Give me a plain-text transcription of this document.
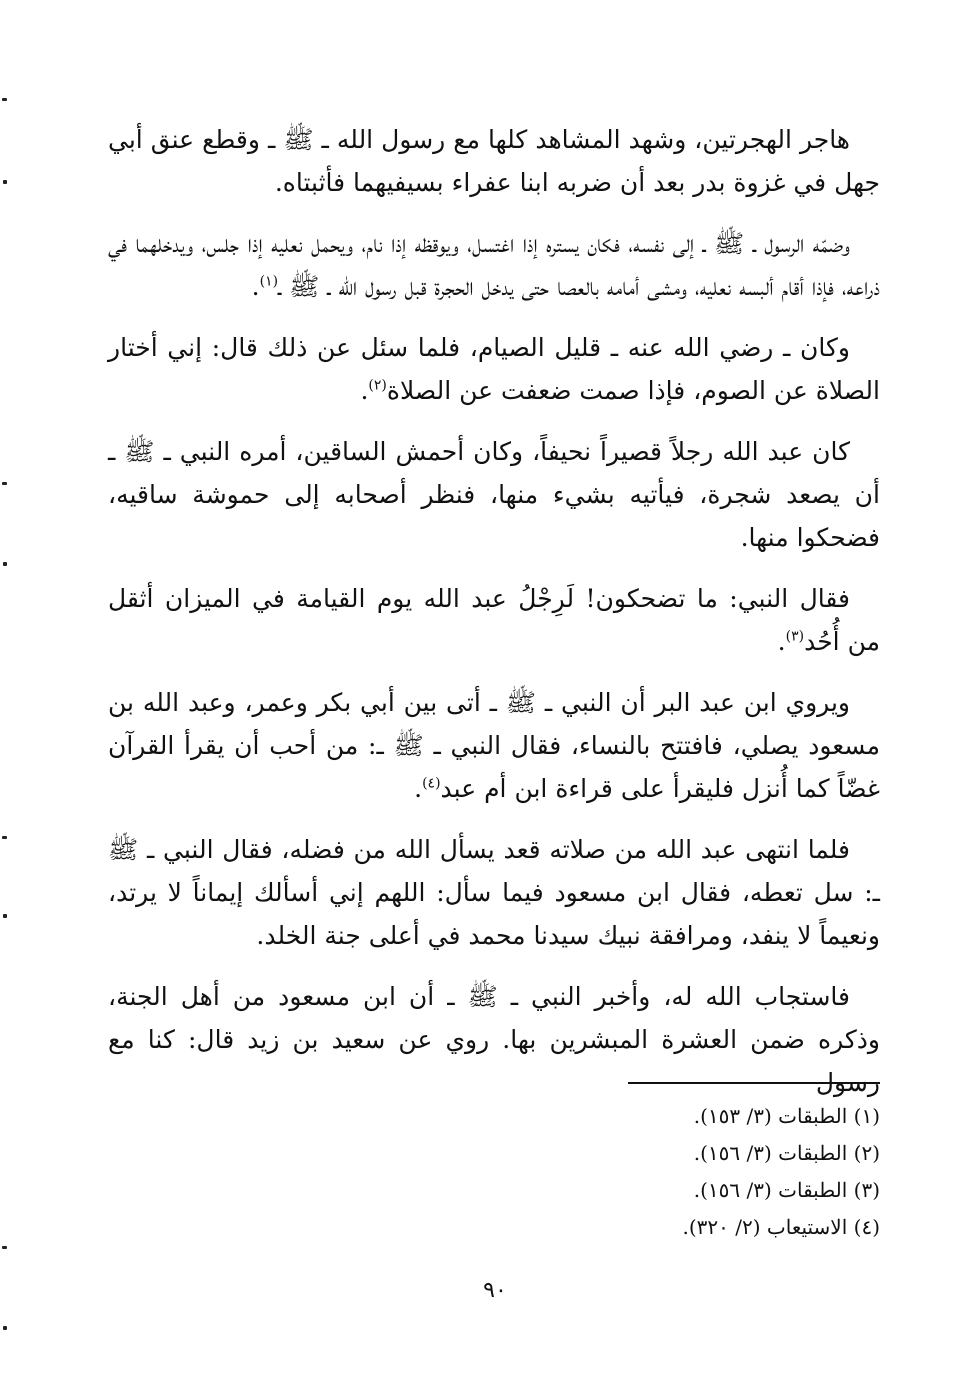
هاجر الهجرتين، وشهد المشاهد كلها مع رسول الله ـ ﷺ ـ وقطع عنق أبي جهل في غزوة بدر بعد أن ضربه ابنا عفراء بسيفيهما فأثبتاه.

وضمّه الرسول ـ ﷺ ـ إلى نفسه، فكان يستره إذا اغتسل، ويوقظه إذا نام، ويحمل نعليه إذا جلس، ويدخلهما في ذراعه، فإذا أقام ألبسه نعليه، ومشى أمامه بالعصا حتى يدخل الحجرة قبل رسول الله ـ ﷺ ـ$^{(١)}$.

وكان ـ رضي الله عنه ـ قليل الصيام، فلما سئل عن ذلك قال: إني أختار الصلاة عن الصوم، فإذا صمت ضعفت عن الصلاة$^{(٢)}$.

كان عبد الله رجلاً قصيراً نحيفاً، وكان أحمش الساقين، أمره النبي ـ ﷺ ـ أن يصعد شجرة، فيأتيه بشيء منها، فنظر أصحابه إلى حموشة ساقيه، فضحكوا منها.

فقال النبي: ما تضحكون! لَرِجْلُ عبد الله يوم القيامة في الميزان أثقل من أُحُد$^{(٣)}$.

ويروي ابن عبد البر أن النبي ـ ﷺ ـ أتى بين أبي بكر وعمر، وعبد الله بن مسعود يصلي، فافتتح بالنساء، فقال النبي ـ ﷺ ـ: من أحب أن يقرأ القرآن غضّاً كما أُنزل فليقرأ على قراءة ابن أم عبد$^{(٤)}$.

فلما انتهى عبد الله من صلاته قعد يسأل الله من فضله، فقال النبي ـ ﷺ ـ: سل تعطه، فقال ابن مسعود فيما سأل: اللهم إني أسألك إيماناً لا يرتد، ونعيماً لا ينفد، ومرافقة نبيك سيدنا محمد في أعلى جنة الخلد.

فاستجاب الله له، وأخبر النبي ـ ﷺ ـ أن ابن مسعود من أهل الجنة، وذكره ضمن العشرة المبشرين بها. روي عن سعيد بن زيد قال: كنا مع رسول

(١) الطبقات (٣/ ١٥٣).
(٢) الطبقات (٣/ ١٥٦).
(٣) الطبقات (٣/ ١٥٦).
(٤) الاستيعاب (٢/ ٣٢٠).
٩٠
